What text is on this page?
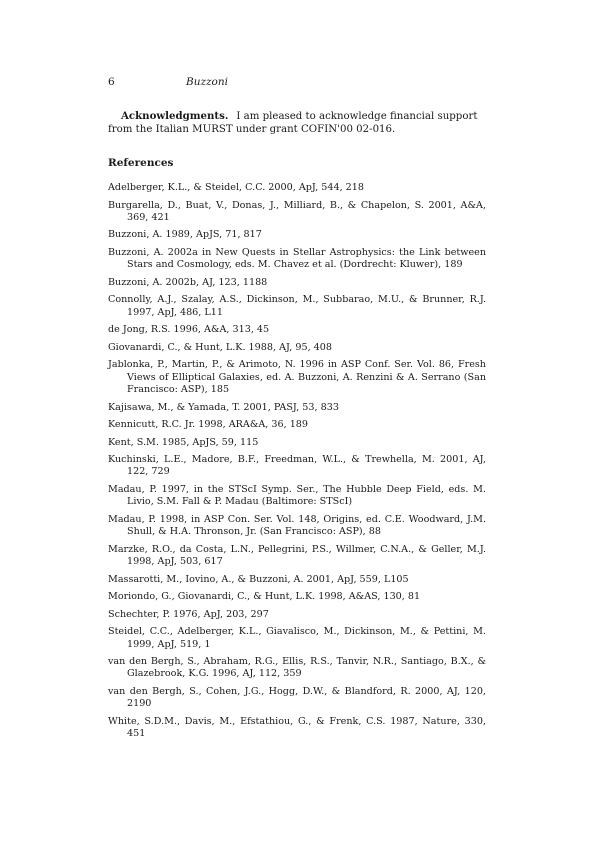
6	Buzzoni

Acknowledgments. I am pleased to acknowledge financial support from the Italian MURST under grant COFIN'00 02-016.

References
Adelberger, K.L., & Steidel, C.C. 2000, ApJ, 544, 218
Burgarella, D., Buat, V., Donas, J., Milliard, B., & Chapelon, S. 2001, A&A, 369, 421
Buzzoni, A. 1989, ApJS, 71, 817
Buzzoni, A. 2002a in New Quests in Stellar Astrophysics: the Link between Stars and Cosmology, eds. M. Chavez et al. (Dordrecht: Kluwer), 189
Buzzoni, A. 2002b, AJ, 123, 1188
Connolly, A.J., Szalay, A.S., Dickinson, M., Subbarao, M.U., & Brunner, R.J. 1997, ApJ, 486, L11
de Jong, R.S. 1996, A&A, 313, 45
Giovanardi, C., & Hunt, L.K. 1988, AJ, 95, 408
Jablonka, P., Martin, P., & Arimoto, N. 1996 in ASP Conf. Ser. Vol. 86, Fresh Views of Elliptical Galaxies, ed. A. Buzzoni, A. Renzini & A. Serrano (San Francisco: ASP), 185
Kajisawa, M., & Yamada, T. 2001, PASJ, 53, 833
Kennicutt, R.C. Jr. 1998, ARA&A, 36, 189
Kent, S.M. 1985, ApJS, 59, 115
Kuchinski, L.E., Madore, B.F., Freedman, W.L., & Trewhella, M. 2001, AJ, 122, 729
Madau, P. 1997, in the STScI Symp. Ser., The Hubble Deep Field, eds. M. Livio, S.M. Fall & P. Madau (Baltimore: STScI)
Madau, P. 1998, in ASP Con. Ser. Vol. 148, Origins, ed. C.E. Woodward, J.M. Shull, & H.A. Thronson, Jr. (San Francisco: ASP), 88
Marzke, R.O., da Costa, L.N., Pellegrini, P.S., Willmer, C.N.A., & Geller, M.J. 1998, ApJ, 503, 617
Massarotti, M., Iovino, A., & Buzzoni, A. 2001, ApJ, 559, L105
Moriondo, G., Giovanardi, C., & Hunt, L.K. 1998, A&AS, 130, 81
Schechter, P. 1976, ApJ, 203, 297
Steidel, C.C., Adelberger, K.L., Giavalisco, M., Dickinson, M., & Pettini, M. 1999, ApJ, 519, 1
van den Bergh, S., Abraham, R.G., Ellis, R.S., Tanvir, N.R., Santiago, B.X., & Glazebrook, K.G. 1996, AJ, 112, 359
van den Bergh, S., Cohen, J.G., Hogg, D.W., & Blandford, R. 2000, AJ, 120, 2190
White, S.D.M., Davis, M., Efstathiou, G., & Frenk, C.S. 1987, Nature, 330, 451
